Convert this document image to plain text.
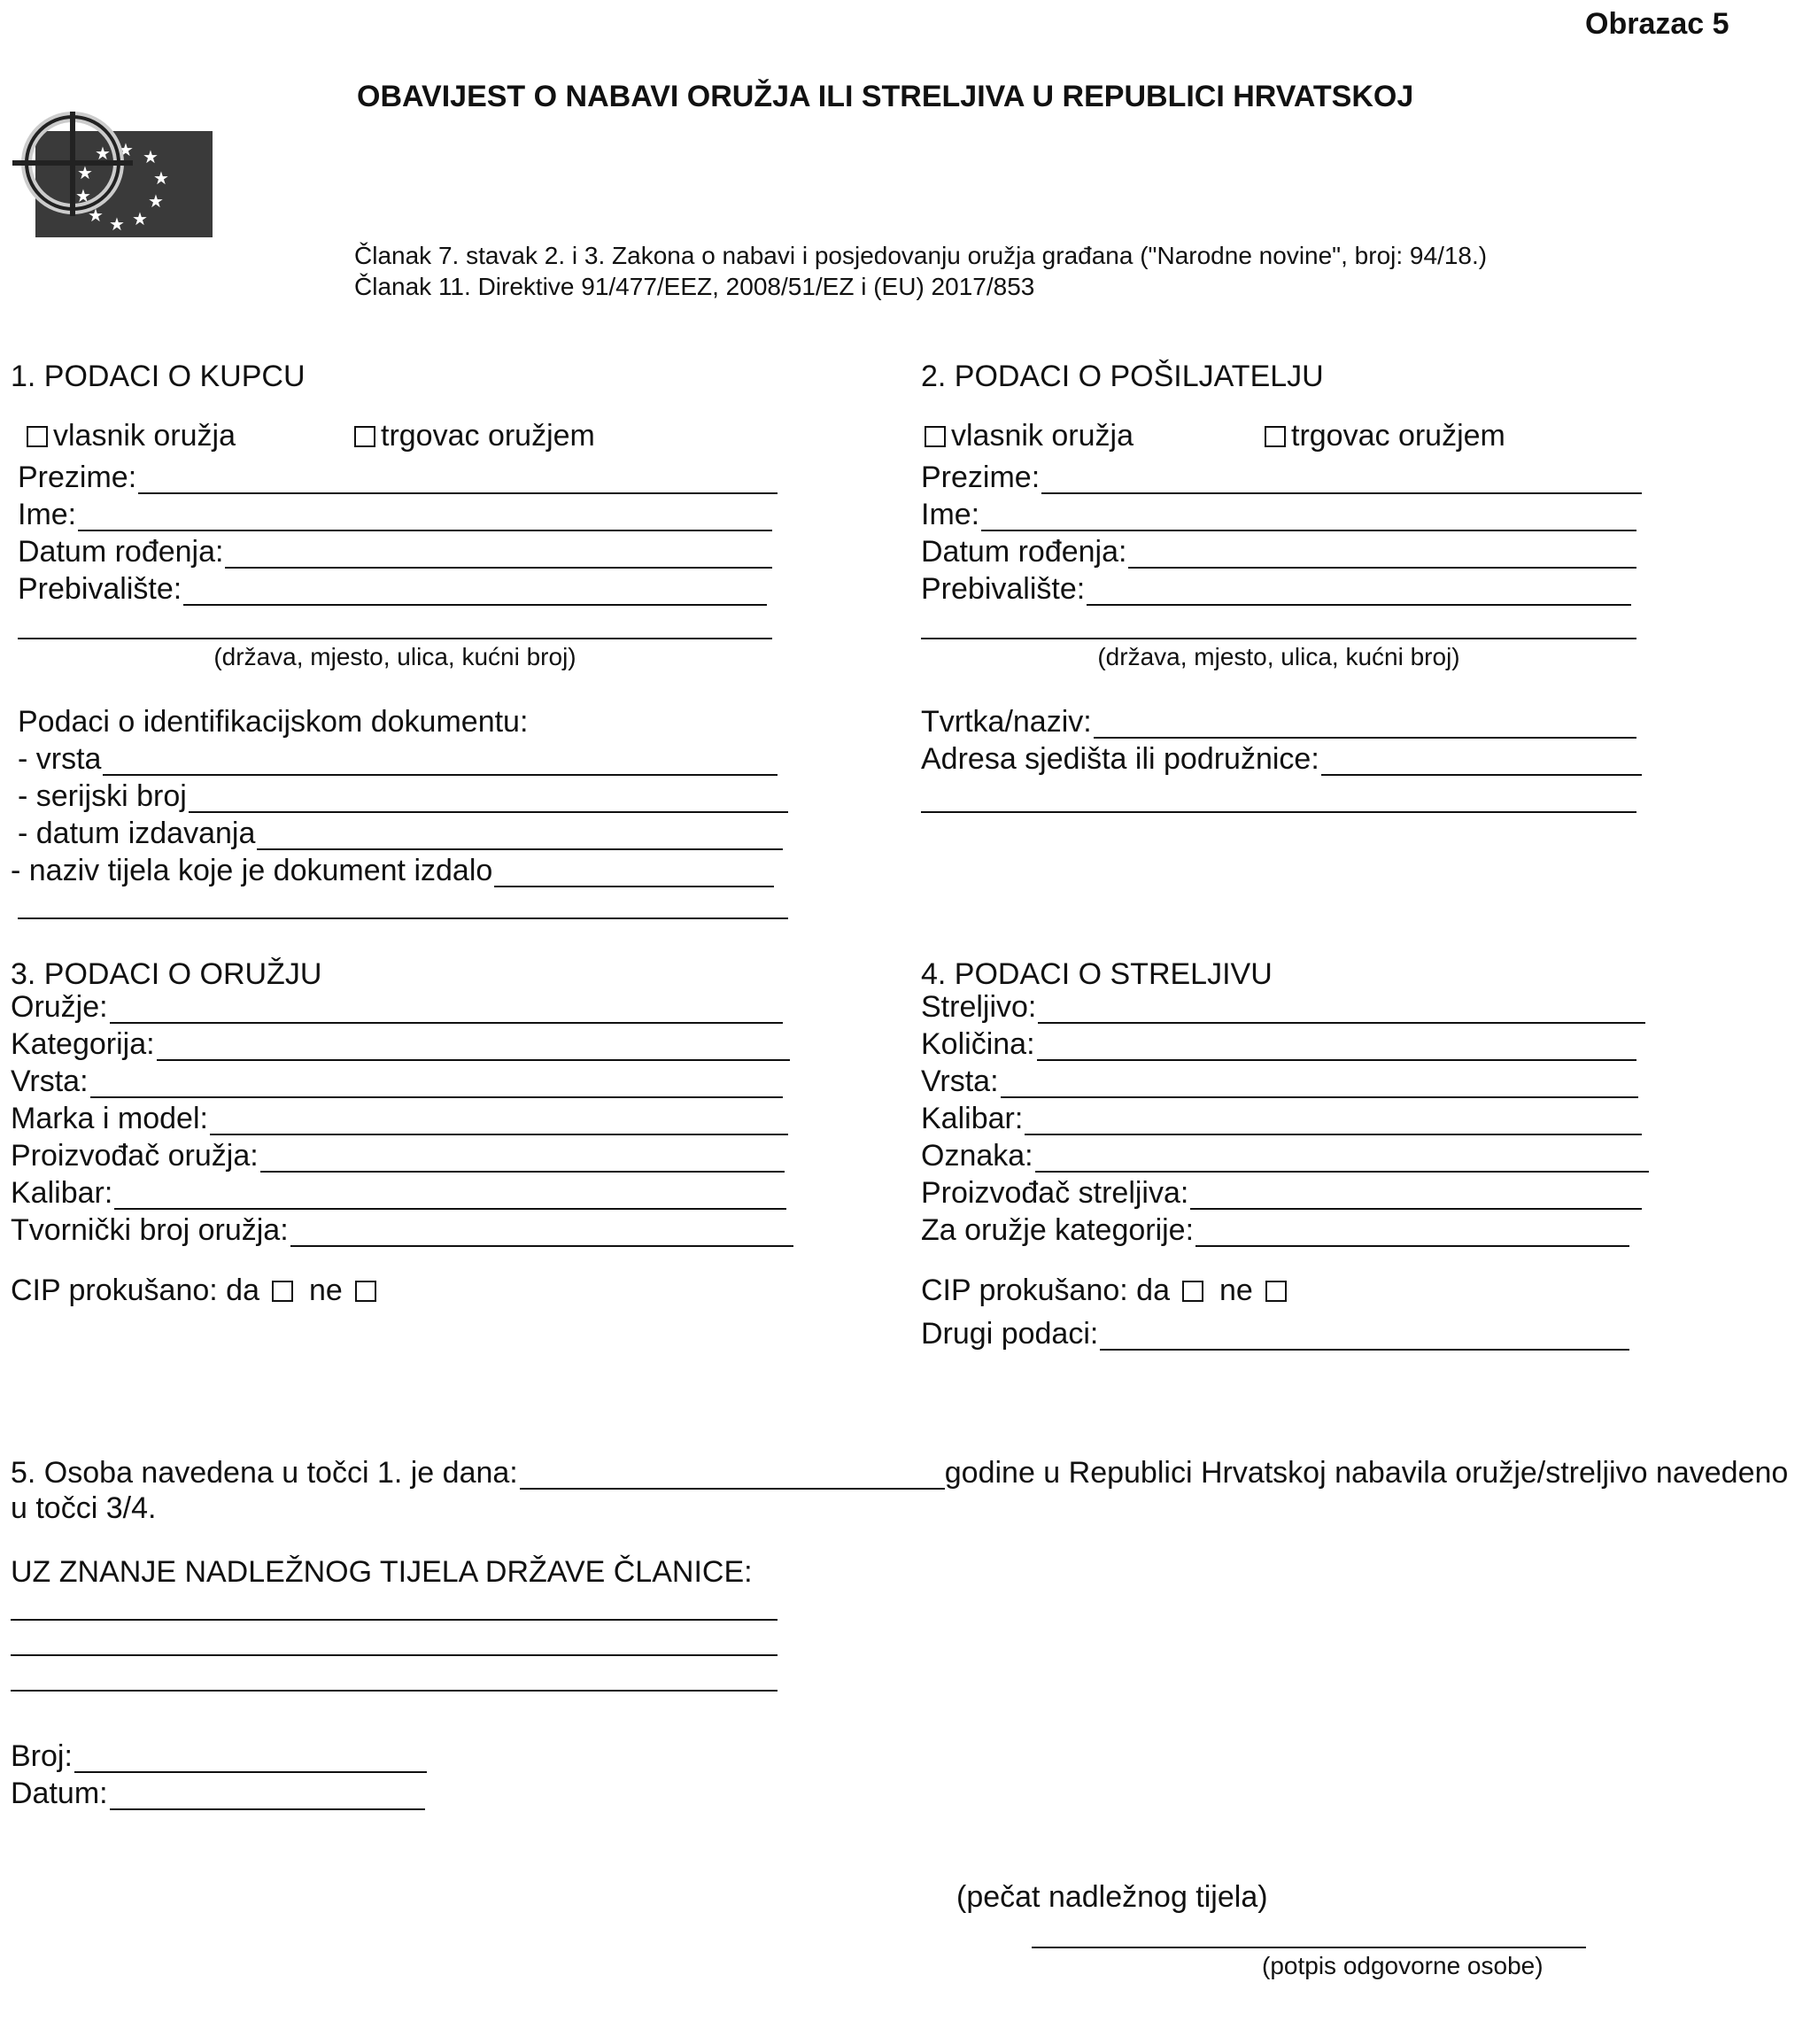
Obrazac 5
OBAVIJEST O NABAVI ORUŽJA ILI STRELJIVA U REPUBLICI HRVATSKOJ
★ ★
★
★
★
★
★
★
★
★
Članak 7. stavak 2. i 3. Zakona o nabavi i posjedovanju oružja građana ("Narodne novine", broj: 94/18.)
Članak 11. Direktive 91/477/EEZ, 2008/51/EZ i (EU) 2017/853
1. PODACI O KUPCU
vlasnik oružja	trgovac oružjem
Prezime:
Ime:
Datum rođenja:
Prebivalište:
(država, mjesto, ulica, kućni broj)
Podaci o identifikacijskom dokumentu:
- vrsta
- serijski broj
- datum izdavanja
- naziv tijela koje je dokument izdalo
2. PODACI O POŠILJATELJU
vlasnik oružja	trgovac oružjem
Prezime:
Ime:
Datum rođenja:
Prebivalište:
(država, mjesto, ulica, kućni broj)
Tvrtka/naziv:
Adresa sjedišta ili podružnice:
3. PODACI O ORUŽJU
Oružje:
Kategorija:
Vrsta:
Marka i model:
Proizvođač oružja:
Kalibar:
Tvornički broj oružja:
CIP prokušano: da ne
4. PODACI O STRELJIVU
Streljivo:
Količina:
Vrsta:
Kalibar:
Oznaka:
Proizvođač streljiva:
Za oružje kategorije:
CIP prokušano: da ne
Drugi podaci:
5. Osoba navedena u točci 1. je dana:	godine u Republici Hrvatskoj nabavila oružje/streljivo navedeno
u točci 3/4.
UZ ZNANJE NADLEŽNOG TIJELA DRŽAVE ČLANICE:
Broj:
Datum:
(pečat nadležnog tijela)
(potpis odgovorne osobe)
